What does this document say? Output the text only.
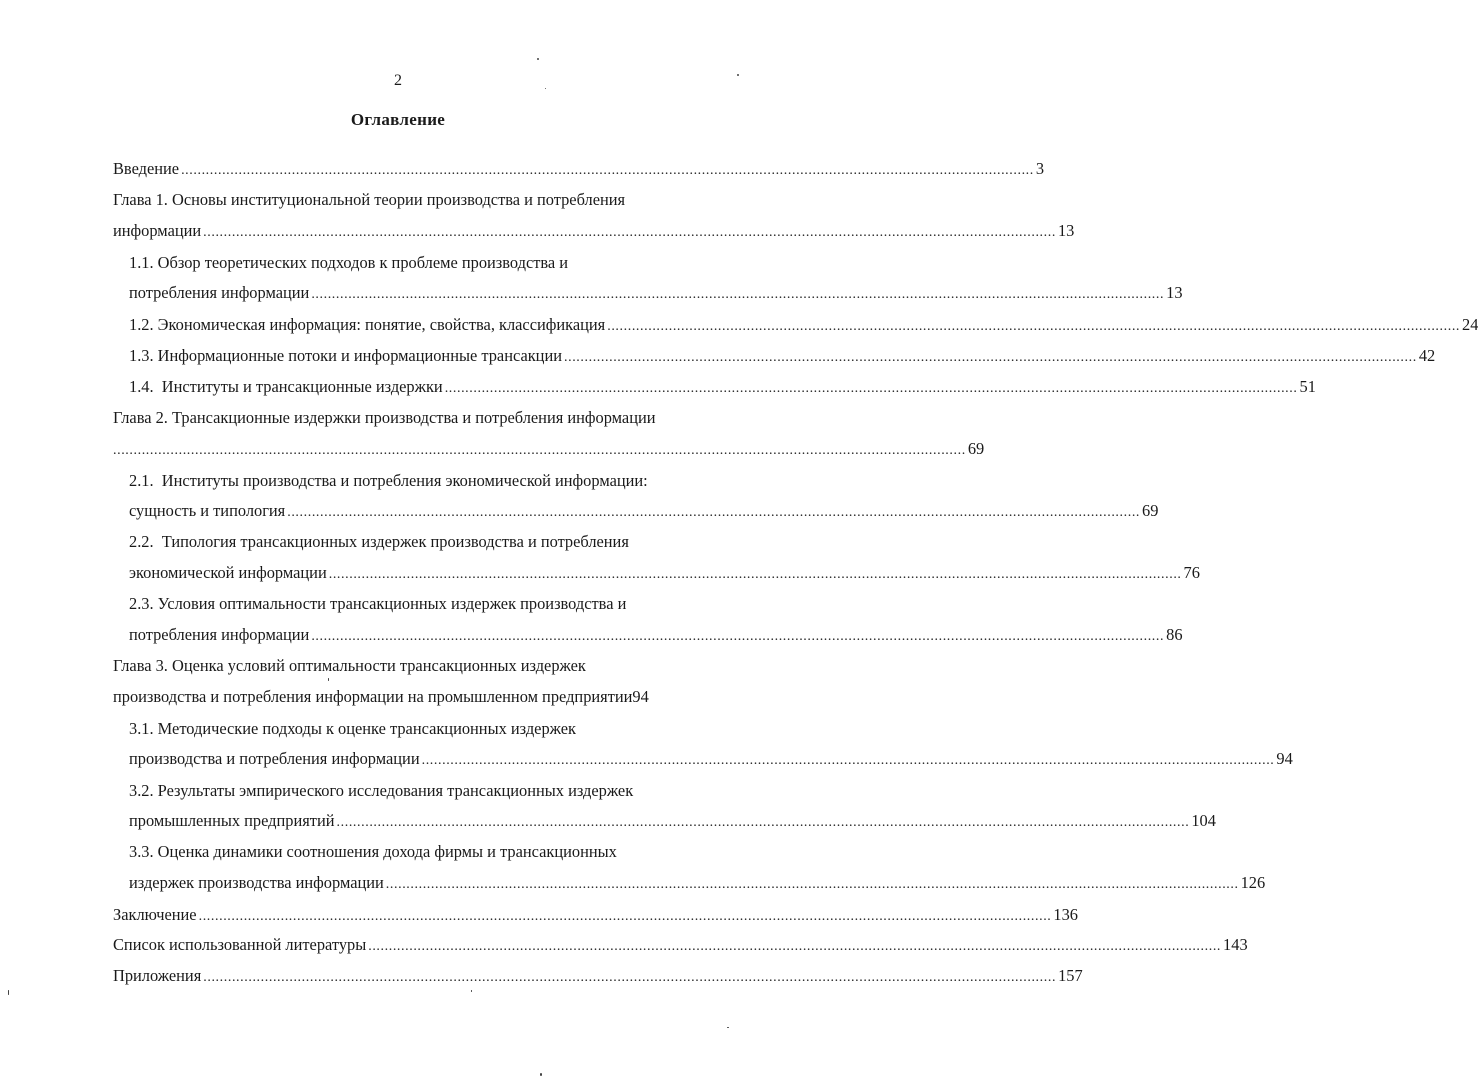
2
Оглавление
Введение ................................................................................................................................................................................................................ 3
Глава 1. Основы институциональной теории производства и потребления
информации ................................................................................................................................................................................................................ 13
1.1. Обзор теоретических подходов к проблеме производства и
потребления информации ................................................................................................................................................................................................................ 13
1.2. Экономическая информация: понятие, свойства, классификация ................................................................................................................................................................................................................ 24
1.3. Информационные потоки и информационные трансакции ................................................................................................................................................................................................................ 42
1.4.  Институты и трансакционные издержки ................................................................................................................................................................................................................ 51
Глава 2. Трансакционные издержки производства и потребления информации
................................................................................................................................................................................................................ 69
2.1.  Институты производства и потребления экономической информации:
сущность и типология ................................................................................................................................................................................................................ 69
2.2.  Типология трансакционных издержек производства и потребления
экономической информации ................................................................................................................................................................................................................ 76
2.3. Условия оптимальности трансакционных издержек производства и
потребления информации ................................................................................................................................................................................................................ 86
Глава 3. Оценка условий оптимальности трансакционных издержек
производства и потребления информации на промышленном предприятии94
3.1. Методические подходы к оценке трансакционных издержек
производства и потребления информации ................................................................................................................................................................................................................ 94
3.2. Результаты эмпирического исследования трансакционных издержек
промышленных предприятий ................................................................................................................................................................................................................ 104
3.3. Оценка динамики соотношения дохода фирмы и трансакционных
издержек производства информации ................................................................................................................................................................................................................ 126
Заключение ................................................................................................................................................................................................................ 136
Список использованной литературы ................................................................................................................................................................................................................ 143
Приложения ................................................................................................................................................................................................................ 157
